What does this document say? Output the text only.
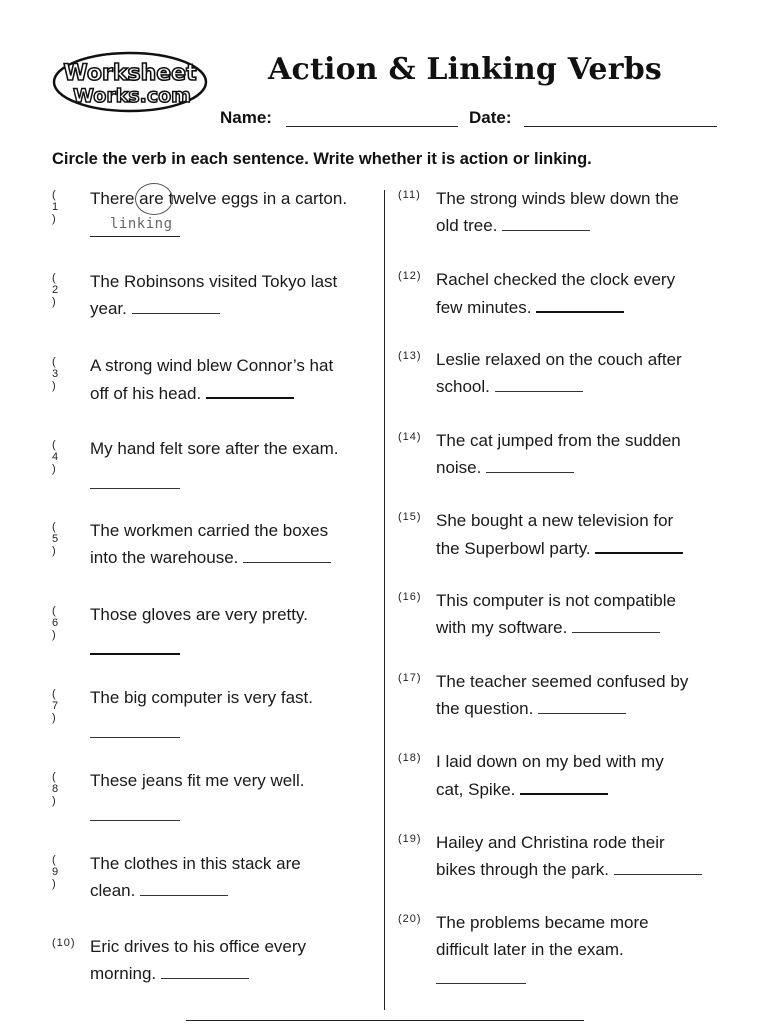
Worksheet
Works.com
Action & Linking Verbs
Name:	Date:
Circle the verb in each sentence. Write whether it is action or linking.
( 1 )
There
are twelve eggs in a carton.
linking
( 2 )
The Robinsons visited Tokyo last
year.
( 3 )
A strong wind blew Connor’s hat
off of his head.
( 4 )
My hand felt sore after the exam.
( 5 )
The workmen carried the boxes
into the warehouse.
( 6 )
Those gloves are very pretty.
( 7 )
The big computer is very fast.
( 8 )
These jeans fit me very well.
( 9 )
The clothes in this stack are
clean.
(10) Eric drives to his office every
morning.
(11) The strong winds blew down the
old tree.
(12) Rachel checked the clock every
few minutes.
(13) Leslie relaxed on the couch after
school.
(14) The cat jumped from the sudden
noise.
(15) She bought a new television for
the Superbowl party.
(16) This computer is not compatible
with my software.
(17) The teacher seemed confused by
the question.
(18) I laid down on my bed with my
cat, Spike.
(19) Hailey and Christina rode their
bikes through the park.
(20) The problems became more
difficult later in the exam.
